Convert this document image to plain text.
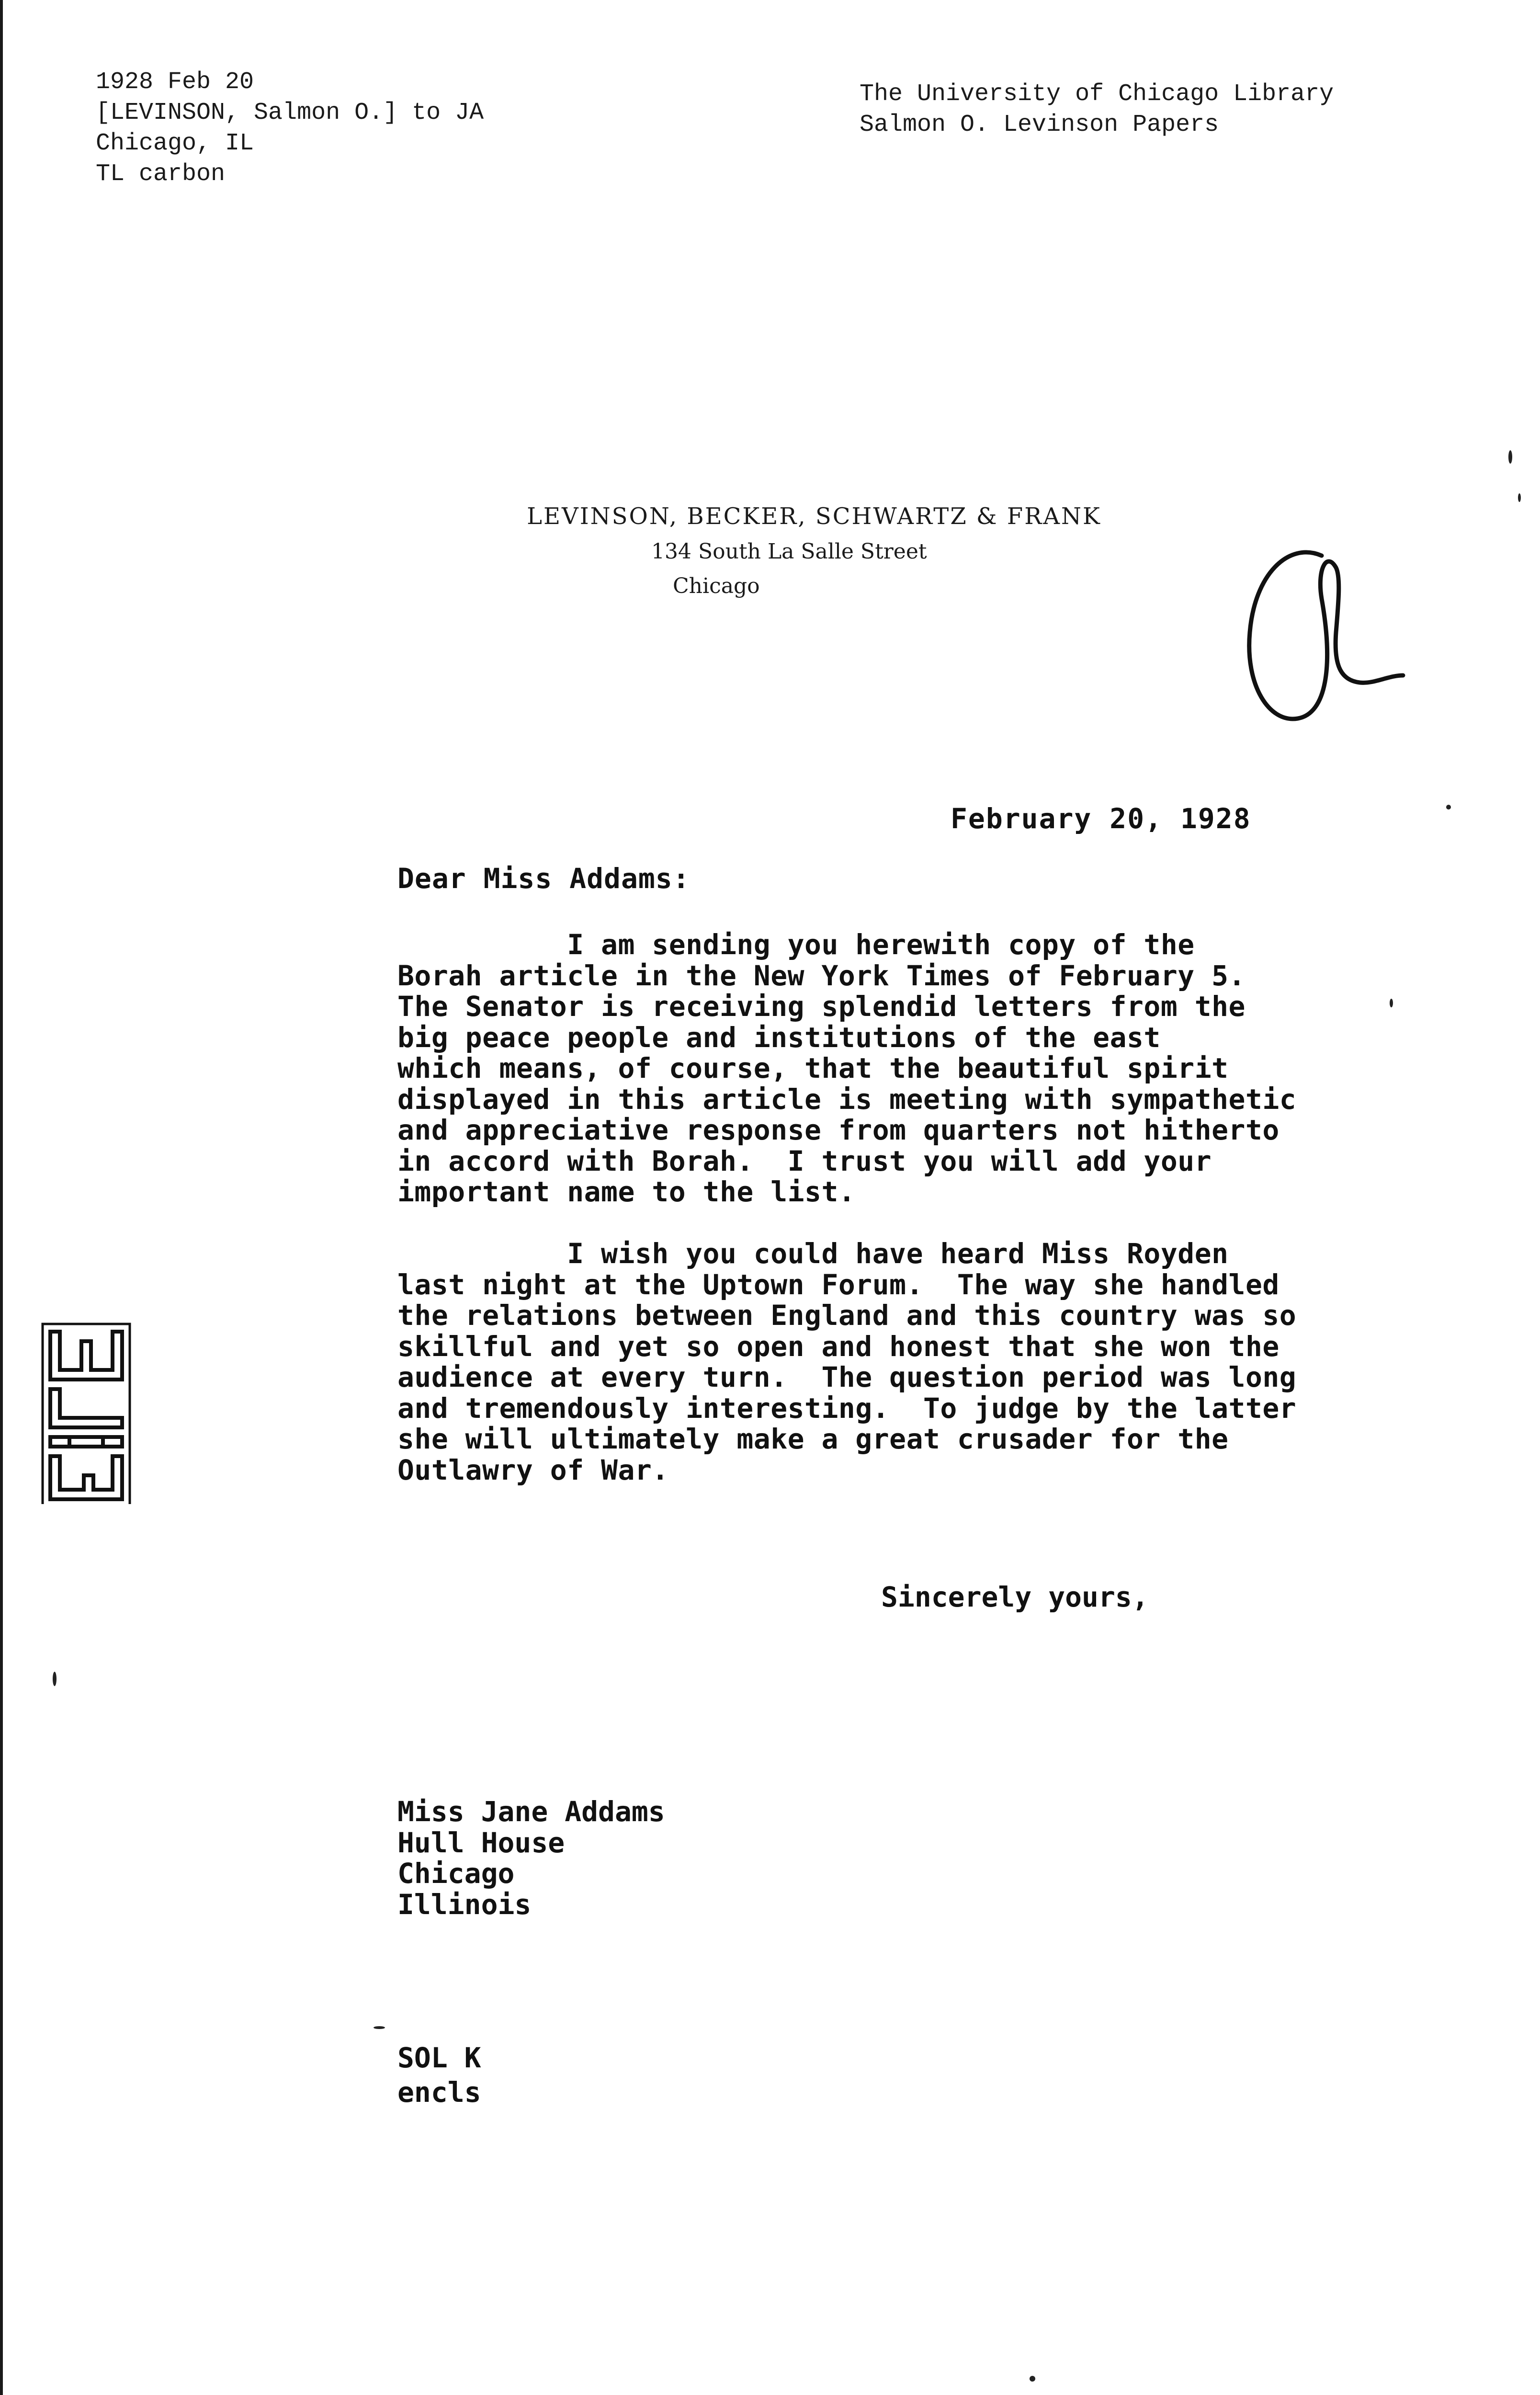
1928 Feb 20
[LEVINSON, Salmon O.] to JA
Chicago, IL
TL carbon
The University of Chicago Library
Salmon O. Levinson Papers
LEVINSON, BECKER, SCHWARTZ & FRANK
134 South La Salle Street
Chicago
February 20, 1928
Dear Miss Addams:
I am sending you herewith copy of the
Borah article in the New York Times of February 5.
The Senator is receiving splendid letters from the
big peace people and institutions of the east
which means, of course, that the beautiful spirit
displayed in this article is meeting with sympathetic
and appreciative response from quarters not hitherto
in accord with Borah.  I trust you will add your
important name to the list.
I wish you could have heard Miss Royden
last night at the Uptown Forum.  The way she handled
the relations between England and this country was so
skillful and yet so open and honest that she won the
audience at every turn.  The question period was long
and tremendously interesting.  To judge by the latter
she will ultimately make a great crusader for the
Outlawry of War.
Sincerely yours,
Miss Jane Addams
Hull House
Chicago
Illinois
SOL K
encls
